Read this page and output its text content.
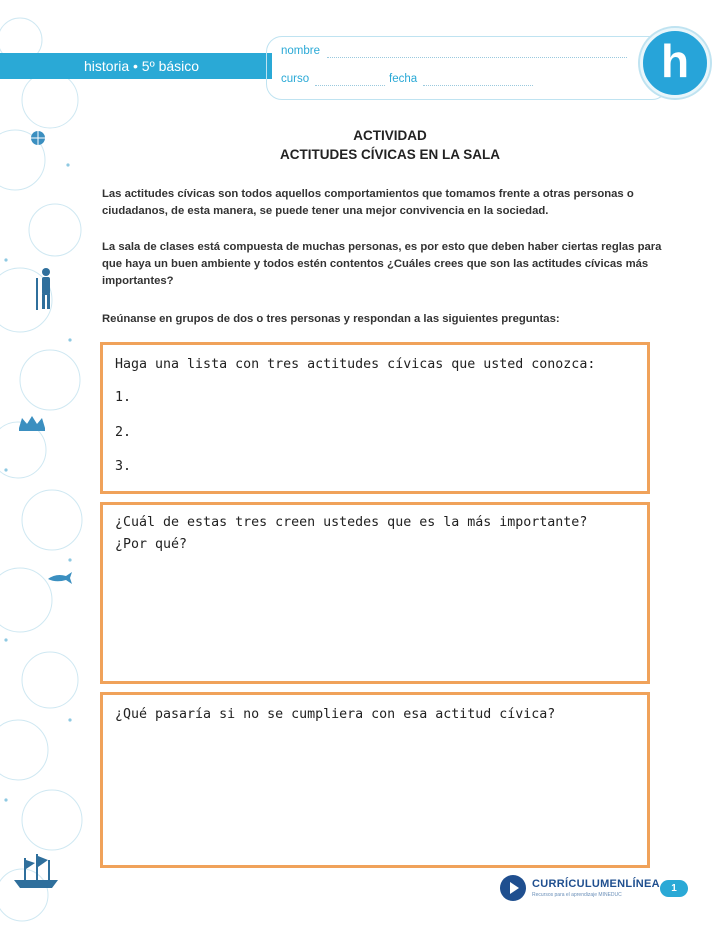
historia • 5º básico
nombre
curso	fecha	h
ACTIVIDAD
ACTITUDES CÍVICAS EN LA SALA
Las actitudes cívicas son todos aquellos comportamientos que tomamos frente a otras personas o ciudadanos, de esta manera, se puede tener una mejor convivencia en la sociedad.
La sala de clases está compuesta de muchas personas, es por esto que deben haber ciertas reglas para que haya un buen ambiente y todos estén contentos ¿Cuáles crees que son las actitudes cívicas más importantes?
Reúnanse en grupos de dos o tres personas y respondan a las siguientes preguntas:
Haga una lista con tres actitudes cívicas que usted conozca:
1.
2.
3.
¿Cuál de estas tres creen ustedes que es la más importante?
¿Por qué?
¿Qué pasaría si no se cumpliera con esa actitud cívica?
CURRÍCULUMENLÍNEA
Recursos para el aprendizaje MINEDUC
1
